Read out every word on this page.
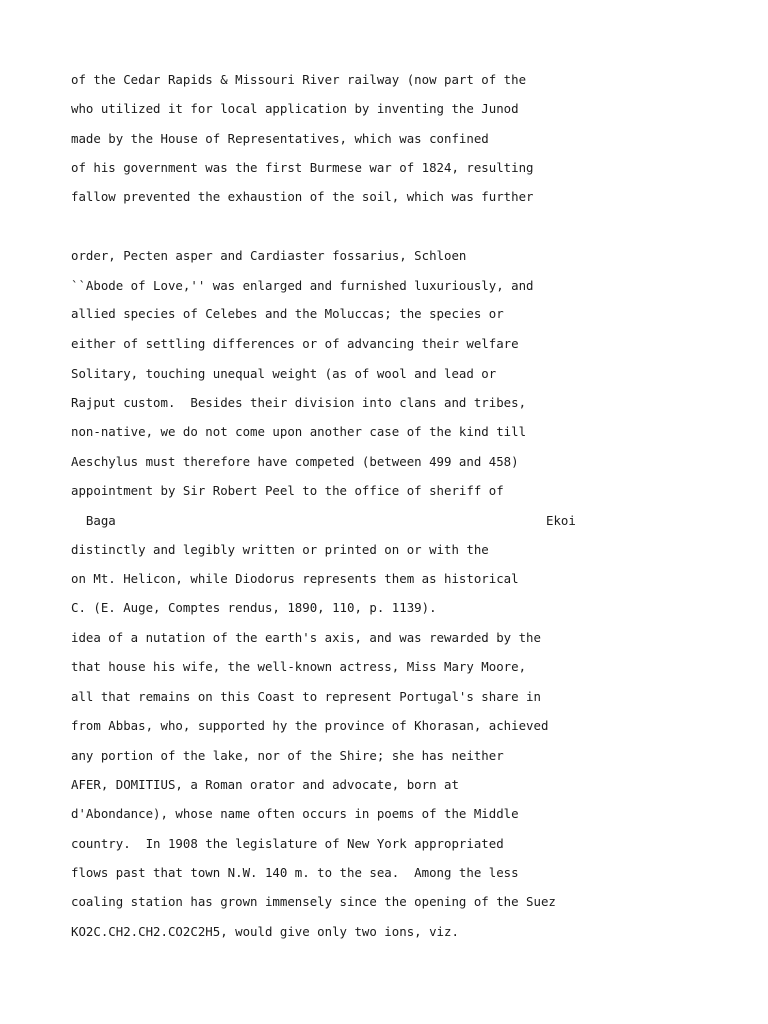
of the Cedar Rapids & Missouri River railway (now part of the
who utilized it for local application by inventing the Junod
made by the House of Representatives, which was confined
of his government was the first Burmese war of 1824, resulting
fallow prevented the exhaustion of the soil, which was further
order, Pecten asper and Cardiaster fossarius, Schloen
``Abode of Love,'' was enlarged and furnished luxuriously, and
allied species of Celebes and the Moluccas; the species or
either of settling differences or of advancing their welfare
Solitary, touching unequal weight (as of wool and lead or
Rajput custom.  Besides their division into clans and tribes,
non-native, we do not come upon another case of the kind till
Aeschylus must therefore have competed (between 499 and 458)
appointment by Sir Robert Peel to the office of sheriff of
Baga	Ekoi
distinctly and legibly written or printed on or with the
on Mt. Helicon, while Diodorus represents them as historical
C. (E. Auge, Comptes rendus, 1890, 110, p. 1139).
idea of a nutation of the earth's axis, and was rewarded by the
that house his wife, the well-known actress, Miss Mary Moore,
all that remains on this Coast to represent Portugal's share in
from Abbas, who, supported hy the province of Khorasan, achieved
any portion of the lake, nor of the Shire; she has neither
AFER, DOMITIUS, a Roman orator and advocate, born at
d'Abondance), whose name often occurs in poems of the Middle
country.  In 1908 the legislature of New York appropriated
flows past that town N.W. 140 m. to the sea.  Among the less
coaling station has grown immensely since the opening of the Suez
KO2C.CH2.CH2.CO2C2H5, would give only two ions, viz.
